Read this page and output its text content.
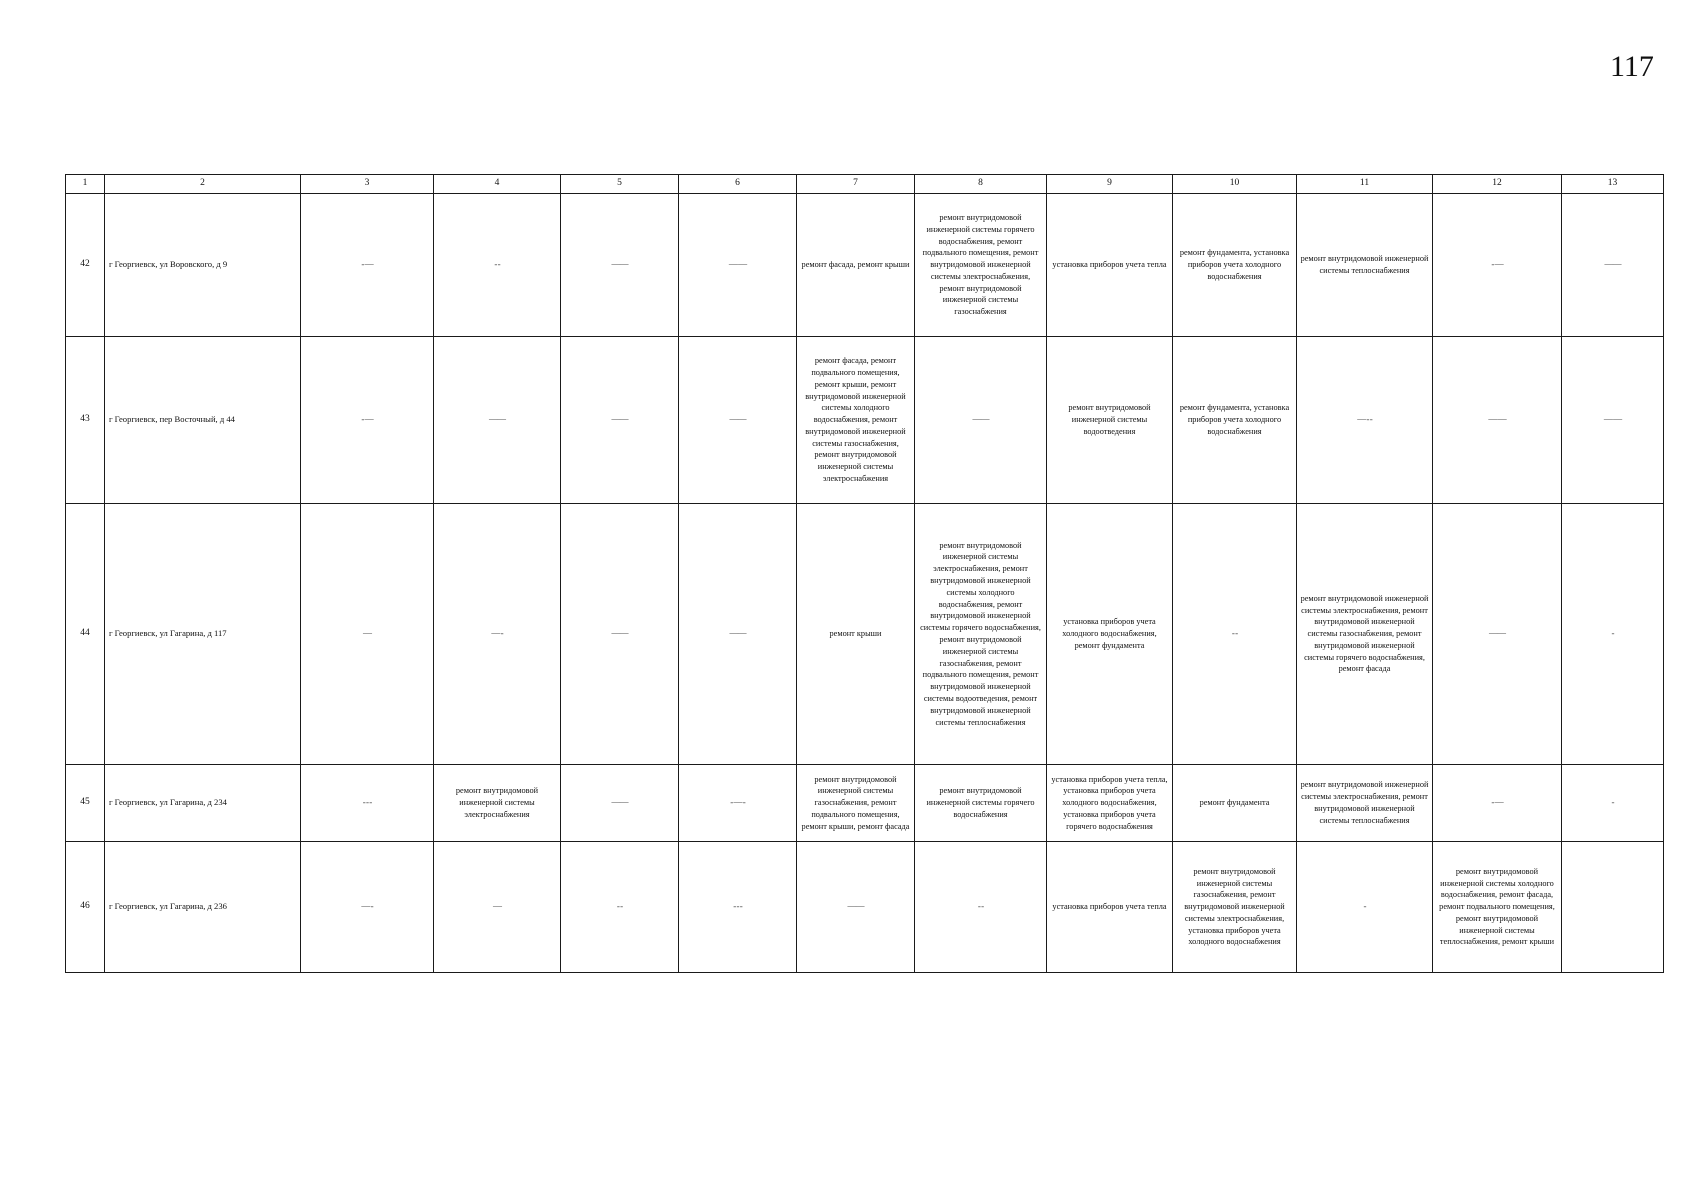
117
1	2	3	4	5	6	7	8	9	10	11	12	13
42	г Георгиевск, ул Воровского, д 9	- —	- -	——	— —	ремонт фасада, ремонт крыши	ремонт внутридомовой инженерной системы горячего водоснабжения, ремонт подвального помещения, ремонт внутридомовой инженерной системы электроснабжения, ремонт внутридомовой инженерной системы газоснабжения	установка приборов учета тепла	ремонт фундамента, установка приборов учета холодного водоснабжения	ремонт внутридомовой инженерной системы теплоснабжения	- —	——
43	г Георгиевск, пер Восточный, д 44	- —	——	——	——	ремонт фасада, ремонт подвального помещения, ремонт крыши, ремонт внутридомовой инженерной системы холодного водоснабжения, ремонт внутридомовой инженерной системы газоснабжения, ремонт внутридомовой инженерной системы электроснабжения	——	ремонт внутридомовой инженерной системы водоотведения	ремонт фундамента, установка приборов учета холодного водоснабжения	— - -	— —	— —
44	г Георгиевск, ул Гагарина, д 117	—	— -	——	——	ремонт крыши	ремонт внутридомовой инженерной системы электроснабжения, ремонт внутридомовой инженерной системы холодного водоснабжения, ремонт внутридомовой инженерной системы горячего водоснабжения, ремонт внутридомовой инженерной системы газоснабжения, ремонт подвального помещения, ремонт внутридомовой инженерной системы водоотведения, ремонт внутридомовой инженерной системы теплоснабжения	установка приборов учета холодного водоснабжения, ремонт фундамента	- -	ремонт внутридомовой инженерной системы электроснабжения, ремонт внутридомовой инженерной системы газоснабжения, ремонт внутридомовой инженерной системы горячего водоснабжения, ремонт фасада	——	-
45	г Георгиевск, ул Гагарина, д 234	- - -	ремонт внутридомовой инженерной системы электроснабжения	——	- — -	ремонт внутридомовой инженерной системы газоснабжения, ремонт подвального помещения, ремонт крыши, ремонт фасада	ремонт внутридомовой инженерной системы горячего водоснабжения	установка приборов учета тепла, установка приборов учета холодного водоснабжения, установка приборов учета горячего водоснабжения	ремонт фундамента	ремонт внутридомовой инженерной системы электроснабжения, ремонт внутридомовой инженерной системы теплоснабжения	- —	-
46	г Георгиевск, ул Гагарина, д 236	— -	—	- -	- - -	——	- -	установка приборов учета тепла	ремонт внутридомовой инженерной системы газоснабжения, ремонт внутридомовой инженерной системы электроснабжения, установка приборов учета холодного водоснабжения	-	ремонт внутридомовой инженерной системы холодного водоснабжения, ремонт фасада, ремонт подвального помещения, ремонт внутридомовой инженерной системы теплоснабжения, ремонт крыши	
